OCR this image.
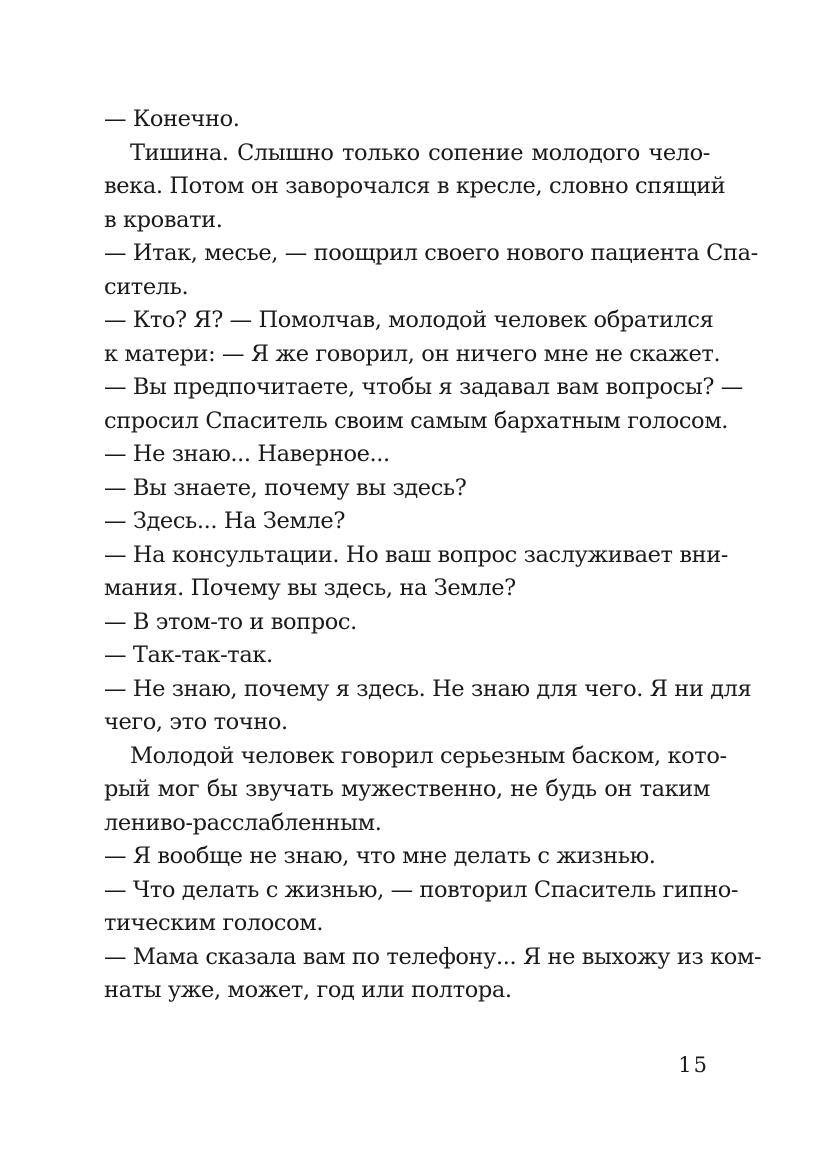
— Конечно.
Тишина. Слышно только сопение молодого чело-
века. Потом он заворочался в кресле, словно спящий
в кровати.
— Итак, месье, — поощрил своего нового пациента Спа-
ситель.
— Кто? Я? — Помолчав, молодой человек обратился
к матери: — Я же говорил, он ничего мне не скажет.
— Вы предпочитаете, чтобы я задавал вам вопросы? —
спросил Спаситель своим самым бархатным голосом.
— Не знаю... Наверное...
— Вы знаете, почему вы здесь?
— Здесь... На Земле?
— На консультации. Но ваш вопрос заслуживает вни-
мания. Почему вы здесь, на Земле?
— В этом-то и вопрос.
— Так-так-так.
— Не знаю, почему я здесь. Не знаю для чего. Я ни для
чего, это точно.
Молодой человек говорил серьезным баском, кото-
рый мог бы звучать мужественно, не будь он таким
лениво-расслабленным.
— Я вообще не знаю, что мне делать с жизнью.
— Что делать с жизнью, — повторил Спаситель гипно-
тическим голосом.
— Мама сказала вам по телефону... Я не выхожу из ком-
наты уже, может, год или полтора.
15
